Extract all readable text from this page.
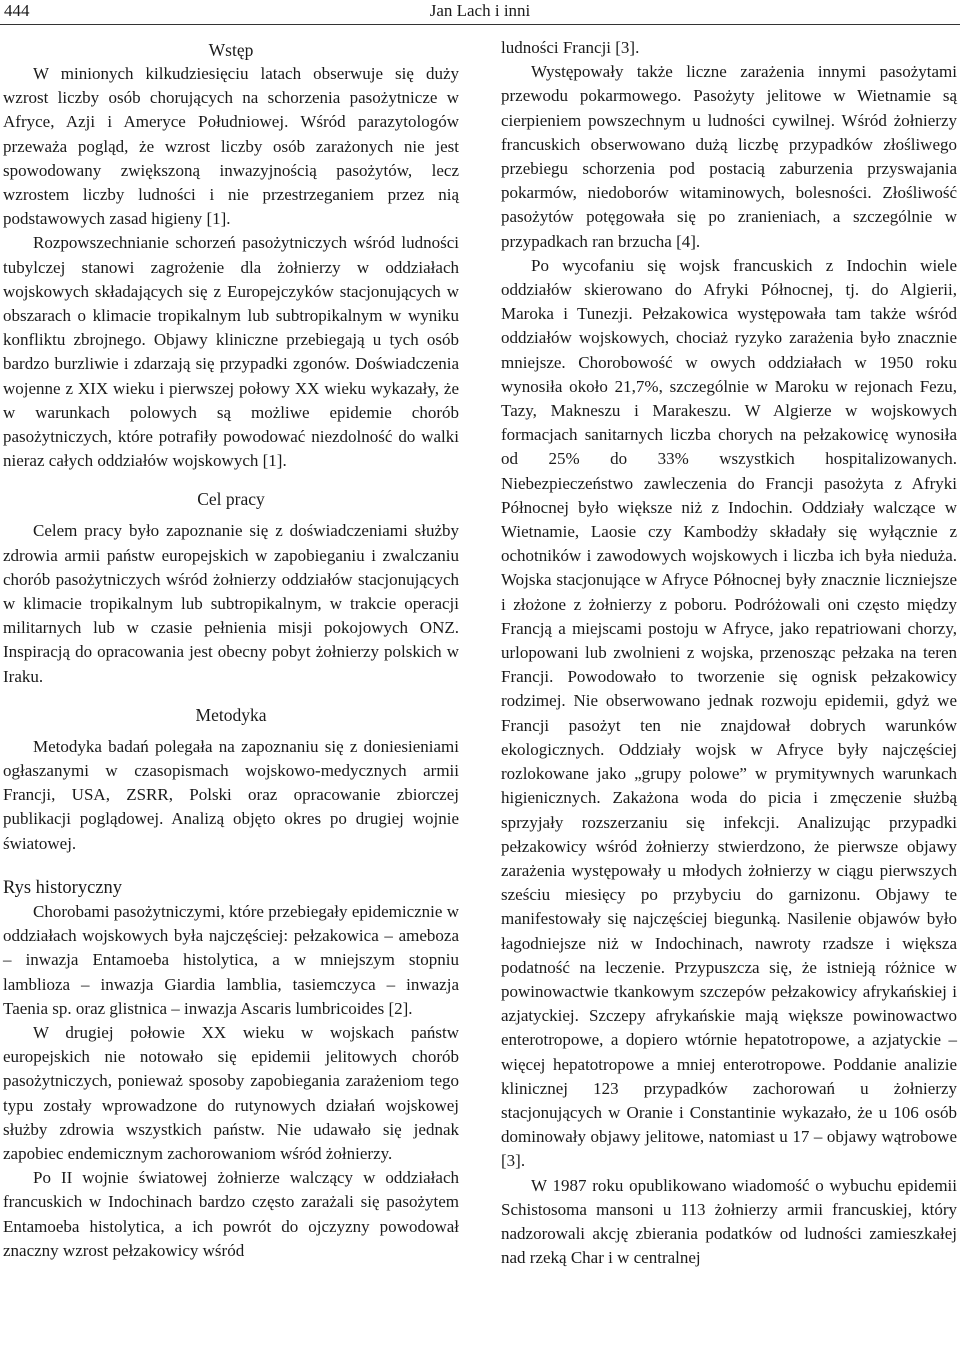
444	Jan Lach i inni
Wstęp

W minionych kilkudziesięciu latach obserwuje się duży wzrost liczby osób chorujących na schorzenia pasożytnicze w Afryce, Azji i Ameryce Południowej. Wśród parazytologów przeważa pogląd, że wzrost liczby osób zarażonych nie jest spowodowany zwiększoną inwazyjnością pasożytów, lecz wzrostem liczby ludności i nie przestrzeganiem przez nią podstawowych zasad higieny [1].

Rozpowszechnianie schorzeń pasożytniczych wśród ludności tubylczej stanowi zagrożenie dla żołnierzy w oddziałach wojskowych składających się z Europejczyków stacjonujących w obszarach o klimacie tropikalnym lub subtropikalnym w wyniku konfliktu zbrojnego. Objawy kliniczne przebiegają u tych osób bardzo burzliwie i zdarzają się przypadki zgonów. Doświadczenia wojenne z XIX wieku i pierwszej połowy XX wieku wykazały, że w warunkach polowych są możliwe epidemie chorób pasożytniczych, które potrafiły powodować niezdolność do walki nieraz całych oddziałów wojskowych [1].

Cel pracy

Celem pracy było zapoznanie się z doświadczeniami służby zdrowia armii państw europejskich w zapobieganiu i zwalczaniu chorób pasożytniczych wśród żołnierzy oddziałów stacjonujących w klimacie tropikalnym lub subtropikalnym, w trakcie operacji militarnych lub w czasie pełnienia misji pokojowych ONZ. Inspiracją do opracowania jest obecny pobyt żołnierzy polskich w Iraku.

Metodyka

Metodyka badań polegała na zapoznaniu się z doniesieniami ogłaszanymi w czasopismach wojskowo-medycznych armii Francji, USA, ZSRR, Polski oraz opracowanie zbiorczej publikacji poglądowej. Analizą objęto okres po drugiej wojnie światowej.

Rys historyczny

Chorobami pasożytniczymi, które przebiegały epidemicznie w oddziałach wojskowych była najczęściej: pełzakowica – ameboza – inwazja Entamoeba histolytica, a w mniejszym stopniu lamblioza – inwazja Giardia lamblia, tasiemczyca – inwazja Taenia sp. oraz glistnica – inwazja Ascaris lumbricoides [2].

W drugiej połowie XX wieku w wojskach państw europejskich nie notowało się epidemii jelitowych chorób pasożytniczych, ponieważ sposoby zapobiegania zarażeniom tego typu zostały wprowadzone do rutynowych działań wojskowej służby zdrowia wszystkich państw. Nie udawało się jednak zapobiec endemicznym zachorowaniom wśród żołnierzy.

Po II wojnie światowej żołnierze walczący w oddziałach francuskich w Indochinach bardzo często zarażali się pasożytem Entamoeba histolytica, a ich powrót do ojczyzny powodował znaczny wzrost pełzakowicy wśród

ludności Francji [3].

Występowały także liczne zarażenia innymi pasożytami przewodu pokarmowego. Pasożyty jelitowe w Wietnamie są cierpieniem powszechnym u ludności cywilnej. Wśród żołnierzy francuskich obserwowano dużą liczbę przypadków złośliwego przebiegu schorzenia pod postacią zaburzenia przyswajania pokarmów, niedoborów witaminowych, bolesności. Złośliwość pasożytów potęgowała się po zranieniach, a szczególnie w przypadkach ran brzucha [4].

Po wycofaniu się wojsk francuskich z Indochin wiele oddziałów skierowano do Afryki Północnej, tj. do Algierii, Maroka i Tunezji. Pełzakowica występowała tam także wśród oddziałów wojskowych, chociaż ryzyko zarażenia było znacznie mniejsze. Chorobowość w owych oddziałach w 1950 roku wynosiła około 21,7%, szczególnie w Maroku w rejonach Fezu, Tazy, Makneszu i Marakeszu. W Algierze w wojskowych formacjach sanitarnych liczba chorych na pełzakowicę wynosiła od 25% do 33% wszystkich hospitalizowanych. Niebezpieczeństwo zawleczenia do Francji pasożyta z Afryki Północnej było większe niż z Indochin. Oddziały walczące w Wietnamie, Laosie czy Kambodży składały się wyłącznie z ochotników i zawodowych wojskowych i liczba ich była nieduża. Wojska stacjonujące w Afryce Północnej były znacznie liczniejsze i złożone z żołnierzy z poboru. Podróżowali oni często między Francją a miejscami postoju w Afryce, jako repatriowani chorzy, urlopowani lub zwolnieni z wojska, przenosząc pełzaka na teren Francji. Powodowało to tworzenie się ognisk pełzakowicy rodzimej. Nie obserwowano jednak rozwoju epidemii, gdyż we Francji pasożyt ten nie znajdował dobrych warunków ekologicznych. Oddziały wojsk w Afryce były najczęściej rozlokowane jako „grupy polowe” w prymitywnych warunkach higienicznych. Zakażona woda do picia i zmęczenie służbą sprzyjały rozszerzaniu się infekcji. Analizując przypadki pełzakowicy wśród żołnierzy stwierdzono, że pierwsze objawy zarażenia występowały u młodych żołnierzy w ciągu pierwszych sześciu miesięcy po przybyciu do garnizonu. Objawy te manifestowały się najczęściej biegunką. Nasilenie objawów było łagodniejsze niż w Indochinach, nawroty rzadsze i większa podatność na leczenie. Przypuszcza się, że istnieją różnice w powinowactwie tkankowym szczepów pełzakowicy afrykańskiej i azjatyckiej. Szczepy afrykańskie mają większe powinowactwo enterotropowe, a dopiero wtórnie hepatotropowe, a azjatyckie – więcej hepatotropowe a mniej enterotropowe. Poddanie analizie klinicznej 123 przypadków zachorowań u żołnierzy stacjonujących w Oranie i Constantinie wykazało, że u 106 osób dominowały objawy jelitowe, natomiast u 17 – objawy wątrobowe [3].

W 1987 roku opublikowano wiadomość o wybuchu epidemii Schistosoma mansoni u 113 żołnierzy armii francuskiej, który nadzorowali akcję zbierania podatków od ludności zamieszkałej nad rzeką Char i w centralnej
